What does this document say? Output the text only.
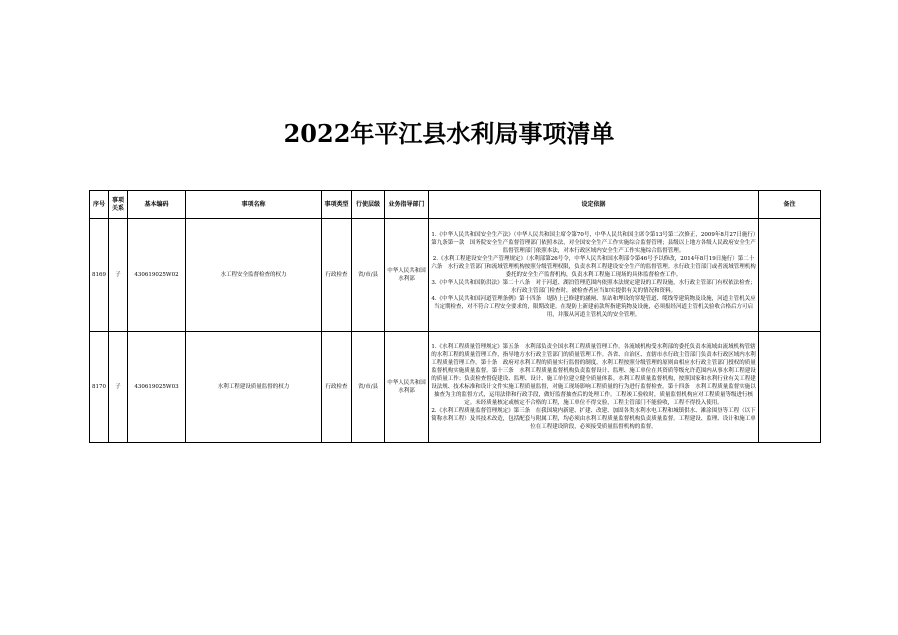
2022年平江县水利局事项清单
序号	事项关系	基本编码	事项名称	事项类型	行使层级	业务指导部门	设定依据	备注
8169	子	430619025W02	水工程安全监督检查的权力	行政检查	省/市/县	中华人民共和国水利部	1.《中华人民共和国安全生产法》（中华人民共和国主席令第70号，中华人民共和国主席令第13号第二次修正，2009年8月27日施行）第九条第一款　国务院安全生产监督管理部门依照本法，对全国安全生产工作实施综合监督管理；县级以上地方各级人民政府安全生产监督管理部门依照本法，对本行政区域内安全生产工作实施综合监督管理。

2.《水利工程建设安全生产管理规定》（水利部第26号令，中华人民共和国水利部令第46号予以修改，2014年8月19日施行）第二十六条　水行政主管部门和流域管理机构按照分级管理权限，负责水利工程建设安全生产的监督管理。水行政主管部门或者流域管理机构委托的安全生产监督机构，负责水利工程施工现场的具体监督检查工作。

3.《中华人民共和国防洪法》第二十八条　对于河道、湖泊管理范围内依照本法规定建设的工程设施，水行政主管部门有权依法检查；水行政主管部门检查时，被检查者应当如实提供有关的情况和资料。

4.《中华人民共和国河道管理条例》第十四条　堤防上已修建的涵闸、泵站和埋设的穿堤管道、缆线等建筑物及设施，河道主管机关应当定期检查，对不符合工程安全要求的，限期改建。在堤防上新建前款所指建筑物及设施，必须报经河道主管机关验收合格后方可启用，并服从河道主管机关的安全管理。	

8170	子	430619025W03	水利工程建设质量监督的权力	行政检查	省/市/县	中华人民共和国水利部	1.《水利工程质量管理规定》第五条　水利部负责全国水利工程质量管理工作。各流域机构受水利部的委托负责本流域由流域机构管辖的水利工程的质量管理工作，指导地方水行政主管部门的质量管理工作。各省、自治区、直辖市水行政主管部门负责本行政区域内水利工程质量管理工作。第十条　政府对水利工程的质量实行监督的制度。水利工程按照分级管理的原则由相应水行政主管部门授权的质量监督机构实施质量监督。第十三条　水利工程质量监督机构负责监督设计、监理、施工单位在其资质等级允许范围内从事水利工程建设的质量工作；负责检查督促建设、监理、设计、施工单位建立健全质量体系。水利工程质量监督机构，按照国家和水利行业有关工程建设法规、技术标准和设计文件实施工程质量监督，对施工现场影响工程质量的行为进行监督检查。第十四条　水利工程质量监督实施以抽查为主的监督方式，运用法律和行政手段，做好监督抽查后的处理工作。工程竣工验收时，质量监督机构应对工程质量等级进行核定。未经质量核定或核定不合格的工程，施工单位不得交验，工程主管部门不能验收，工程不得投入使用。

2.《水利工程质量监督管理规定》第三条　在我国境内新建、扩建、改建、加固各类水利水电工程和城镇供水、滩涂围垦等工程（以下简称水利工程）及其技术改造，包括配套与附属工程，均必须由水利工程质量监督机构负责质量监督。工程建设、监理、设计和施工单位在工程建设阶段，必须接受质量监督机构的监督。	
